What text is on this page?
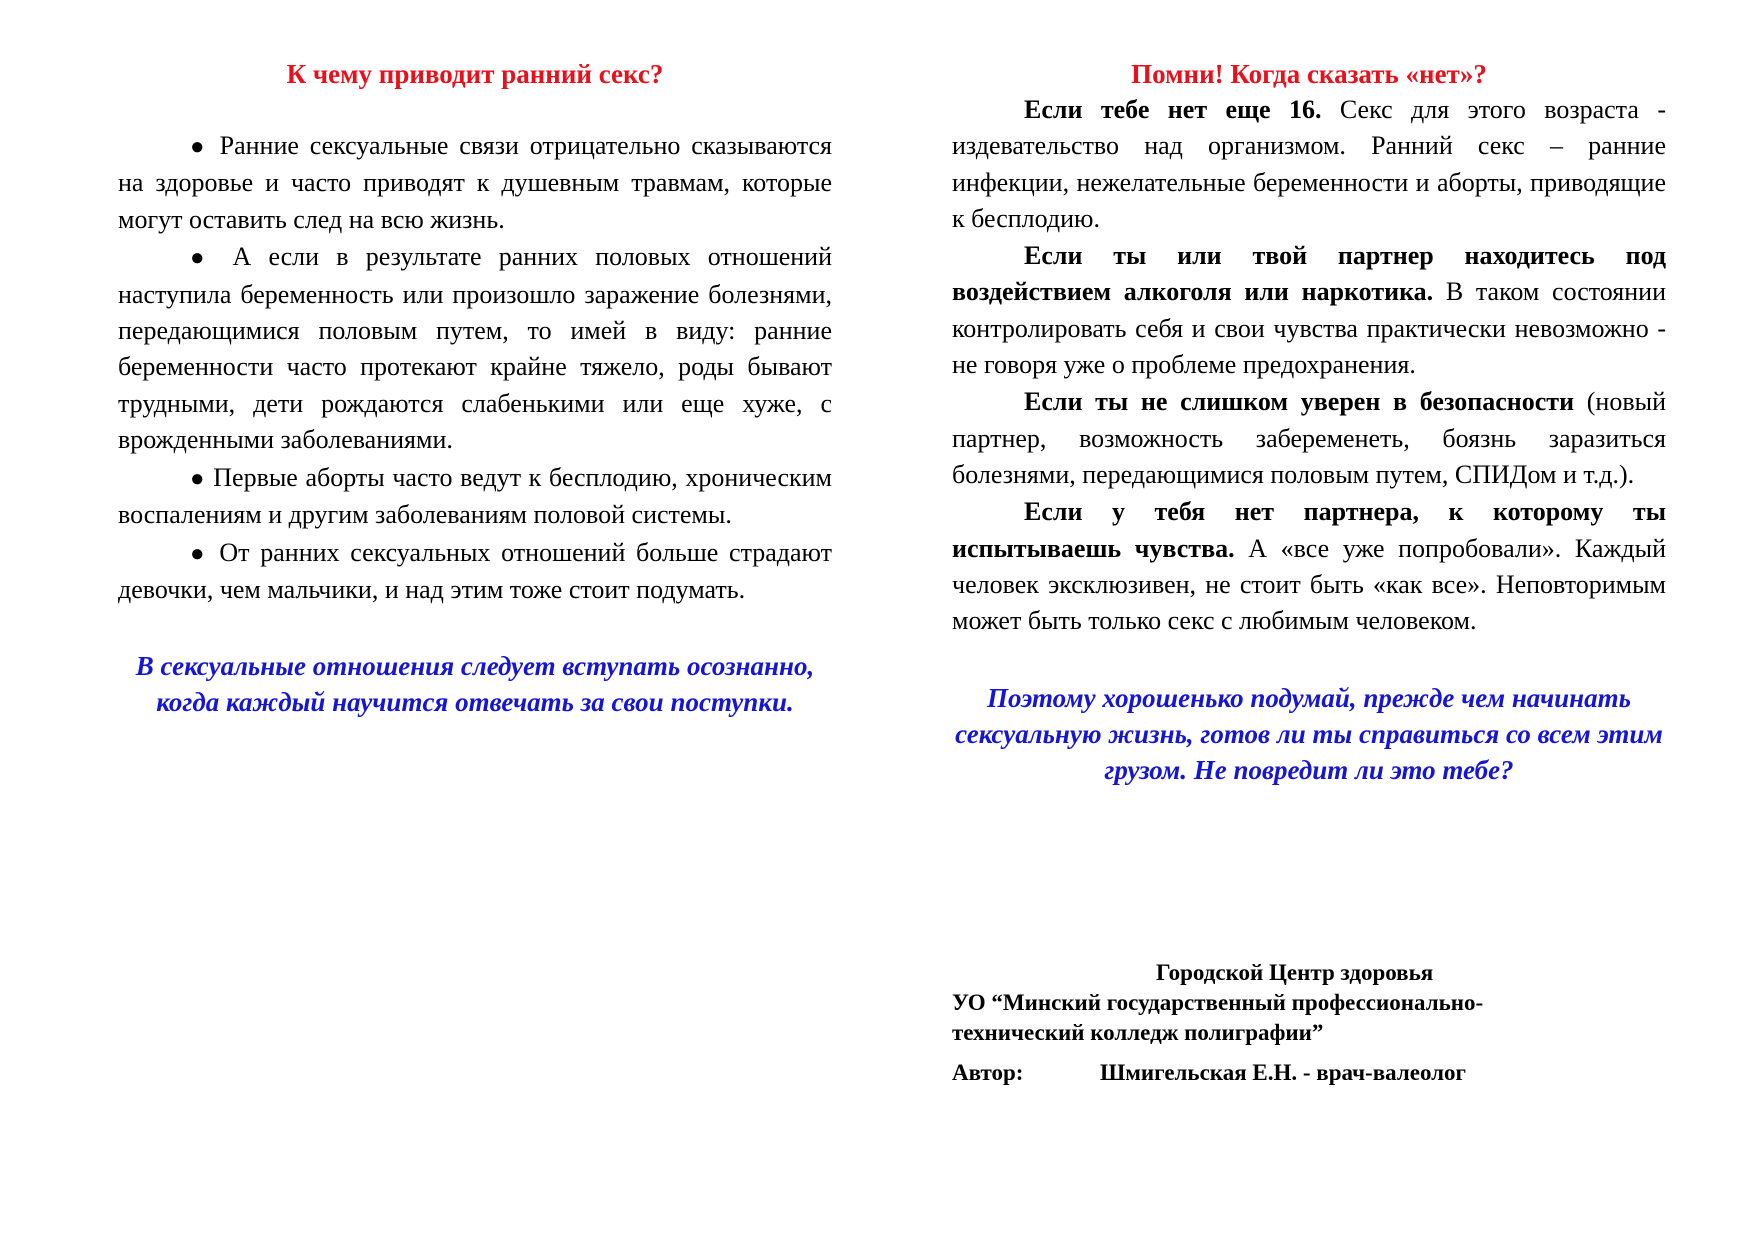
К чему приводит ранний секс?

● Ранние сексуальные связи отрицательно сказываются на здоровье и часто приводят к душевным травмам, которые могут оставить след на всю жизнь.

● А если в результате ранних половых отношений наступила беременность или произошло заражение болезнями, передающимися половым путем, то имей в виду: ранние беременности часто протекают крайне тяжело, роды бывают трудными, дети рождаются слабенькими или еще хуже, с врожденными заболеваниями.

● Первые аборты часто ведут к бесплодию, хроническим воспалениям и другим заболеваниям половой системы.

● От ранних сексуальных отношений больше страдают девочки, чем мальчики, и над этим тоже стоит подумать.

В сексуальные отношения следует вступать осознанно, когда каждый научится отвечать за свои поступки.

Помни! Когда сказать «нет»?

Если тебе нет еще 16. Секс для этого возраста - издевательство над организмом. Ранний секс – ранние инфекции, нежелательные беременности и аборты, приводящие к бесплодию.

Если ты или твой партнер находитесь под воздействием алкоголя или наркотика. В таком состоянии контролировать себя и свои чувства практически невозможно - не говоря уже о проблеме предохранения.

Если ты не слишком уверен в безопасности (новый партнер, возможность забеременеть, боязнь заразиться болезнями, передающимися половым путем, СПИДом и т.д.).

Если у тебя нет партнера, к которому ты испытываешь чувства. А «все уже попробовали». Каждый человек эксклюзивен, не стоит быть «как все». Неповторимым может быть только секс с любимым человеком.

Поэтому хорошенько подумай, прежде чем начинать сексуальную жизнь, готов ли ты справиться со всем этим грузом. Не повредит ли это тебе?

Городской Центр здоровья

УО “Минский государственный профессионально-

технический колледж полиграфии”

Автор:	Шмигельская Е.Н. - врач-валеолог
